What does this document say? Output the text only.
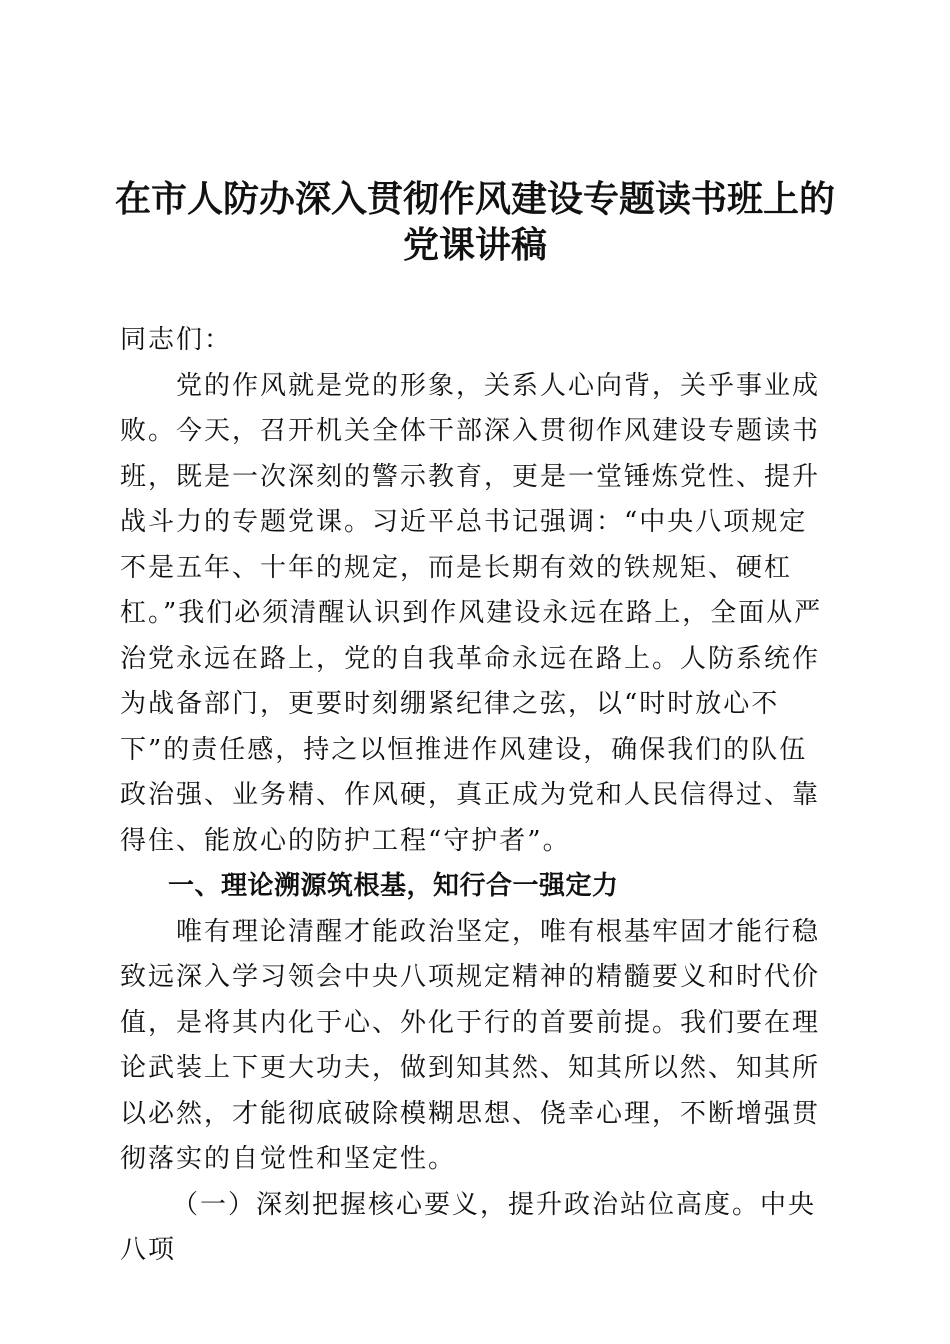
在市人防办深入贯彻作风建设专题读书班上的
党课讲稿

同志们：

党的作风就是党的形象，关系人心向背，关乎事业成败。今天，召开机关全体干部深入贯彻作风建设专题读书班，既是一次深刻的警示教育，更是一堂锤炼党性、提升战斗力的专题党课。习近平总书记强调：“中央八项规定不是五年、十年的规定，而是长期有效的铁规矩、硬杠杠。”我们必须清醒认识到作风建设永远在路上，全面从严治党永远在路上，党的自我革命永远在路上。人防系统作为战备部门，更要时刻绷紧纪律之弦，以“时时放心不下”的责任感，持之以恒推进作风建设，确保我们的队伍政治强、业务精、作风硬，真正成为党和人民信得过、靠得住、能放心的防护工程“守护者”。

一、理论溯源筑根基，知行合一强定力

唯有理论清醒才能政治坚定，唯有根基牢固才能行稳致远深入学习领会中央八项规定精神的精髓要义和时代价值，是将其内化于心、外化于行的首要前提。我们要在理论武装上下更大功夫，做到知其然、知其所以然、知其所以必然，才能彻底破除模糊思想、侥幸心理，不断增强贯彻落实的自觉性和坚定性。

（一）深刻把握核心要义，提升政治站位高度。中央八项
